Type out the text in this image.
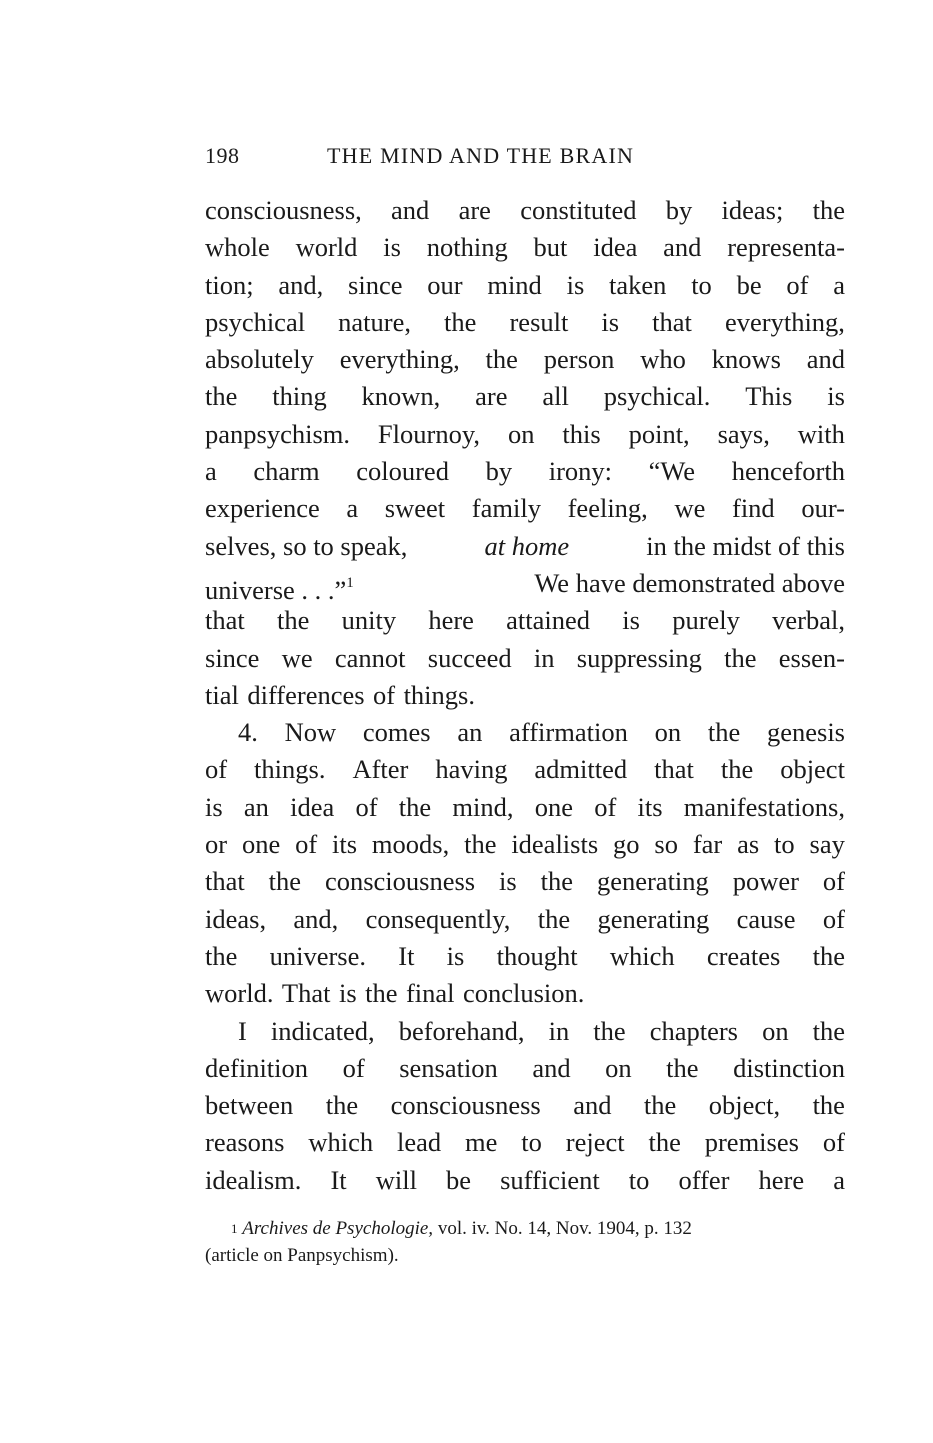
198	THE MIND AND THE BRAIN
consciousness, and are constituted by ideas; the
whole world is nothing but idea and representa-
tion; and, since our mind is taken to be of a
psychical nature, the result is that everything,
absolutely everything, the person who knows and
the thing known, are all psychical. This is
panpsychism. Flournoy, on this point, says, with
a charm coloured by irony: “We henceforth
experience a sweet family feeling, we find our-
selves, so to speak,	at home	in the midst of this
universe . . .”$^1$	We have demonstrated above
that the unity here attained is purely verbal,
since we cannot succeed in suppressing the essen-
tial differences of things.
4. Now comes an affirmation on the genesis
of things. After having admitted that the object
is an idea of the mind, one of its manifestations,
or one of its moods, the idealists go so far as to say
that the consciousness is the generating power of
ideas, and, consequently, the generating cause of
the universe. It is thought which creates the
world. That is the final conclusion.
I indicated, beforehand, in the chapters on the
definition of sensation and on the distinction
between the consciousness and the object, the
reasons which lead me to reject the premises of
idealism. It will be sufficient to offer here a
1
Archives de Psychologie, vol. iv. No. 14, Nov. 1904, p. 132
(article on Panpsychism).
